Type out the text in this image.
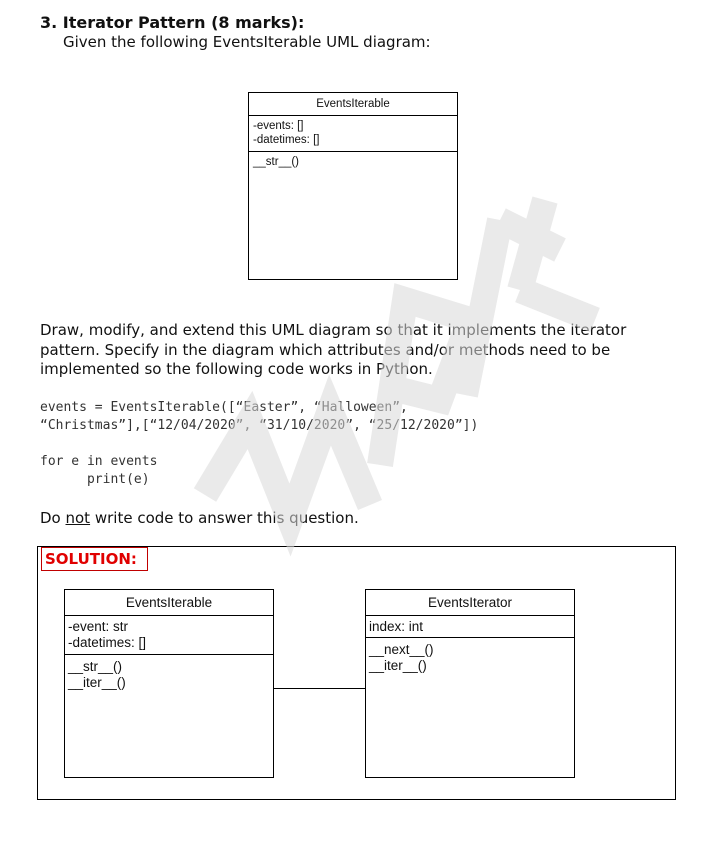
3. Iterator Pattern (8 marks):
Given the following EventsIterable UML diagram:
EventsIterable
-events: []
-datetimes: []
__str__()
Draw, modify, and extend this UML diagram so that it implements the iterator pattern. Specify in the diagram which attributes and/or methods need to be implemented so the following code works in Python.
events = EventsIterable([“Easter”, “Halloween”,
“Christmas”],[“12/04/2020”, “31/10/2020”, “25/12/2020”])
for e in events
print(e)
Do not write code to answer this question.
SOLUTION:
EventsIterable
-event: str
-datetimes: []
__str__()
__iter__()
EventsIterator
index: int
__next__()
__iter__()
